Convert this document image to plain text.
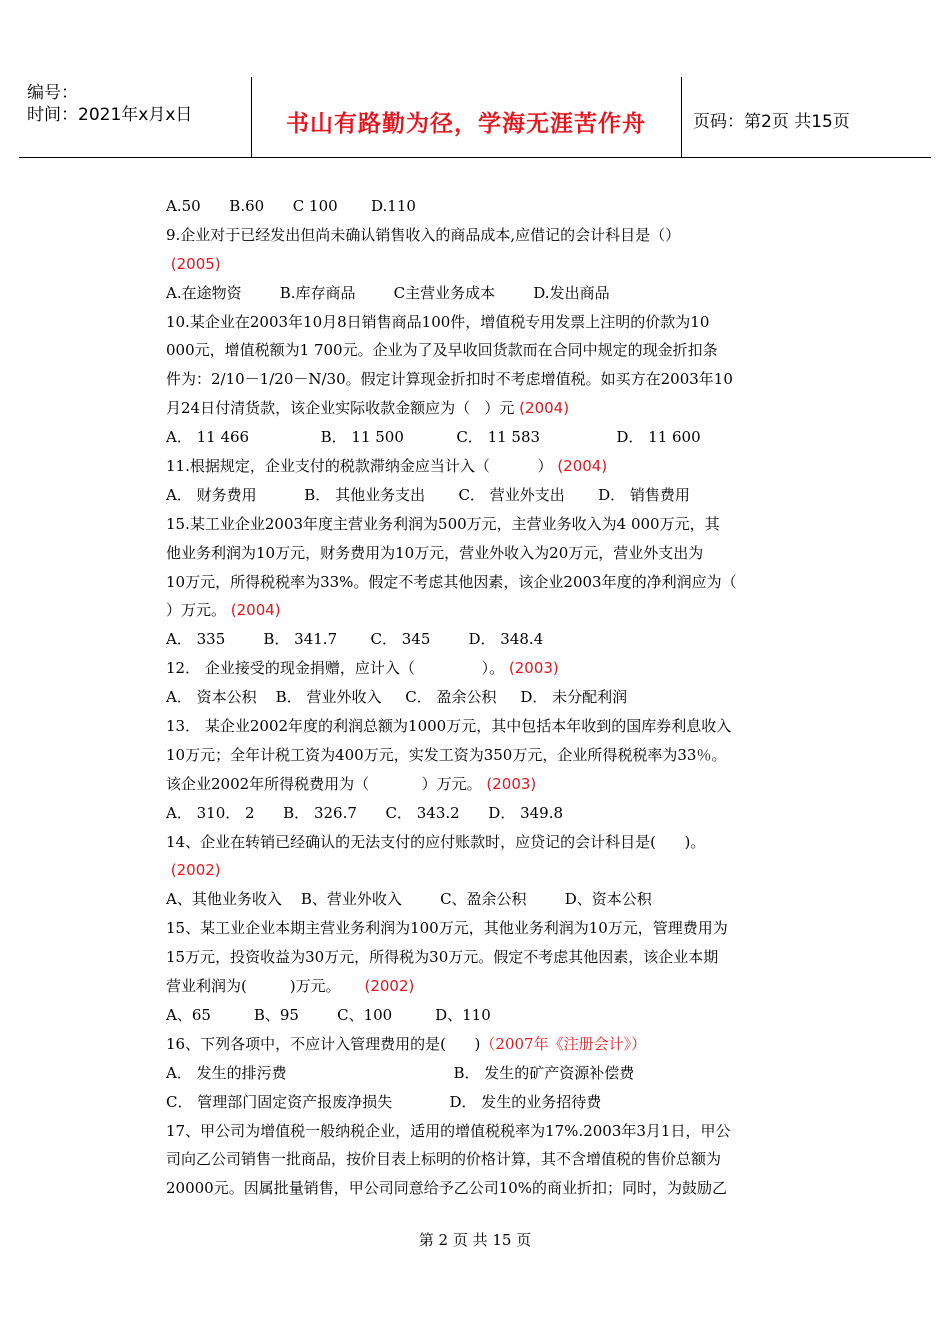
编号：
时间：2021年x月x日	书山有路勤为径，学海无涯苦作舟	页码：第2页 共15页
A.50      B.60      C 100       D.110
9.企业对于已经发出但尚未确认销售收入的商品成本,应借记的会计科目是（）
(2005)
A.在途物资        B.库存商品        C主营业务成本        D.发出商品
10.某企业在2003年10月8日销售商品100件，增值税专用发票上注明的价款为10
000元，增值税额为1 700元。企业为了及早收回货款而在合同中规定的现金折扣条
件为：2/10－1/20－N/30。假定计算现金折扣时不考虑增值税。如买方在2003年10
月24日付清货款，该企业实际收款金额应为（   ）元 (2004)
A． 11 466               B． 11 500           C． 11 583                D． 11 600
11.根据规定，企业支付的税款滞纳金应当计入（          ） (2004)
A． 财务费用          B． 其他业务支出       C． 营业外支出       D． 销售费用
15.某工业企业2003年度主营业务利润为500万元，主营业务收入为4 000万元，其
他业务利润为10万元，财务费用为10万元，营业外收入为20万元，营业外支出为
10万元，所得税税率为33%。假定不考虑其他因素，该企业2003年度的净利润应为（
）万元。 (2004)
A． 335        B． 341.7       C． 345        D． 348.4
12． 企业接受的现金捐赠，应计入（              ）。 (2003)
A． 资本公积    B． 营业外收入     C． 盈余公积     D． 未分配利润
13． 某企业2002年度的利润总额为1000万元，其中包括本年收到的国库券利息收入
10万元；全年计税工资为400万元，实发工资为350万元，企业所得税税率为33％。
该企业2002年所得税费用为（           ）万元。 (2003)
A． 310． 2      B． 326.7      C． 343.2      D． 349.8
14、企业在转销已经确认的无法支付的应付账款时，应贷记的会计科目是(      )。
(2002)
A、其他业务收入    B、营业外收入        C、盈余公积        D、资本公积
15、某工业企业本期主营业务利润为100万元，其他业务利润为10万元，管理费用为
15万元，投资收益为30万元，所得税为30万元。假定不考虑其他因素，该企业本期
营业利润为(         )万元。     (2002)
A、65         B、95        C、100         D、110
16、下列各项中，不应计入管理费用的是(      )（2007年《注册会计》）
A． 发生的排污费                                   B． 发生的矿产资源补偿费
C． 管理部门固定资产报废净损失            D． 发生的业务招待费
17、甲公司为增值税一般纳税企业，适用的增值税税率为17%.2003年3月1日，甲公
司向乙公司销售一批商品，按价目表上标明的价格计算，其不含增值税的售价总额为
20000元。因属批量销售，甲公司同意给予乙公司10%的商业折扣；同时，为鼓励乙
第 2 页 共 15 页
